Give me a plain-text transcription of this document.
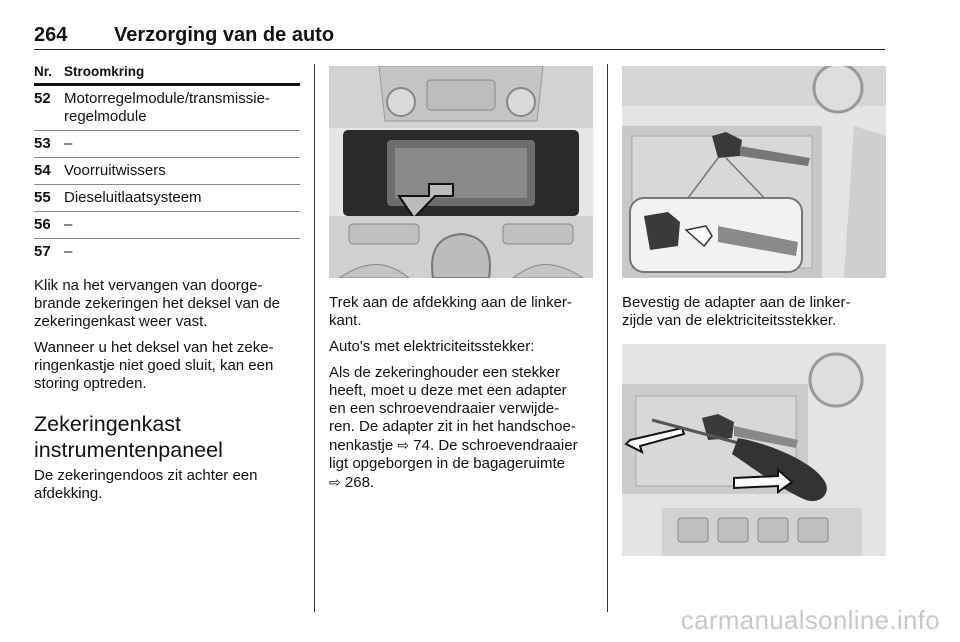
264 Verzorging van de auto
Nr. Stroomkring
52 Motorregelmodule/transmissie-
regelmodule
53 –
54 Voorruitwissers
55 Dieseluitlaatsysteem
56 –
57 –

Klik na het vervangen van doorge-
brande zekeringen het deksel van de
zekeringenkast weer vast.

Wanneer u het deksel van het zeke-
ringenkastje niet goed sluit, kan een
storing optreden.

Zekeringenkast
instrumentenpaneel

De zekeringendoos zit achter een
afdekking.

Trek aan de afdekking aan de linker-
kant.

Auto's met elektriciteitsstekker:

Als de zekeringhouder een stekker
heeft, moet u deze met een adapter
en een schroevendraaier verwijde-
ren. De adapter zit in het handschoe-
nenkastje ⇨ 74. De schroevendraaier
ligt opgeborgen in de bagageruimte
⇨ 268.

Bevestig de adapter aan de linker-
zijde van de elektriciteitsstekker.

carmanualsonline.info
